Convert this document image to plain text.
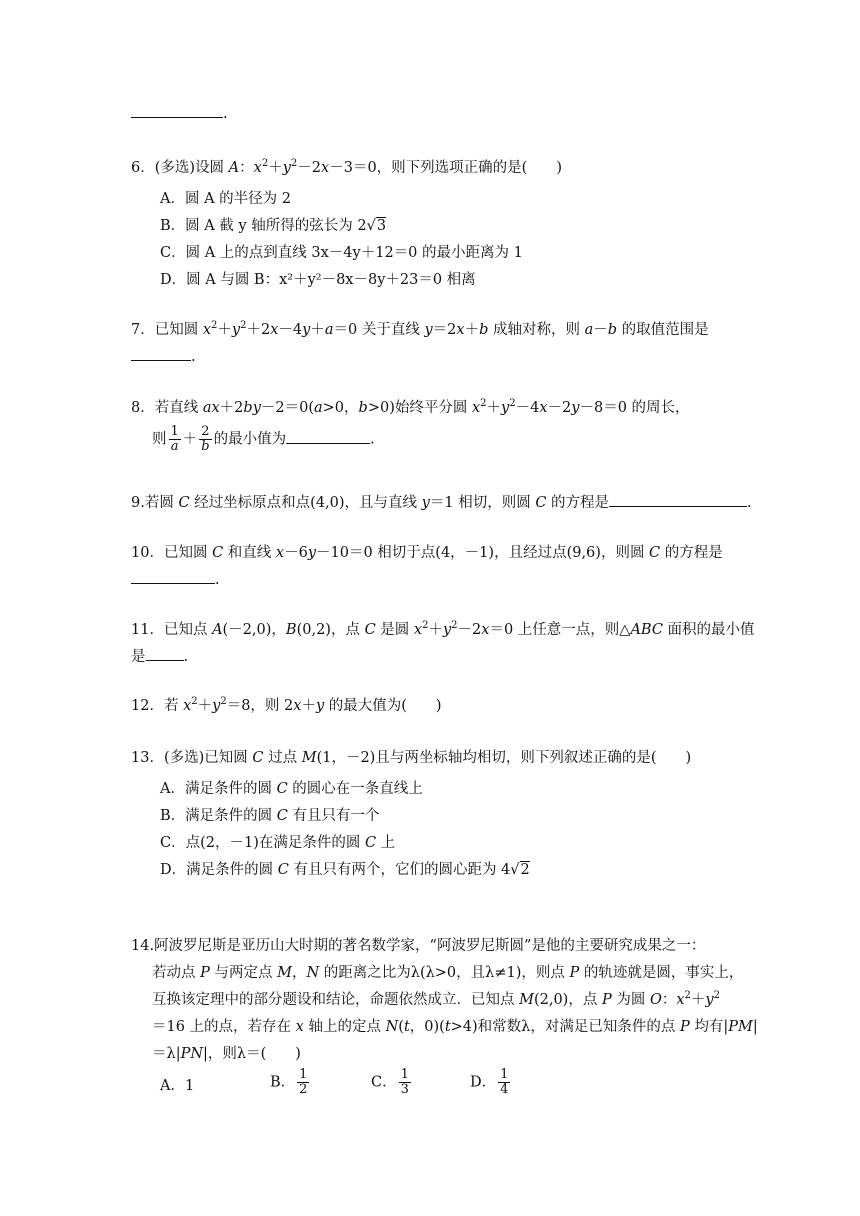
.
6．(多选)设圆 A：$x^2+y^2-2x-3=0$，则下列选项正确的是(　　)
A．圆 A 的半径为 2
B．圆 A 截 y 轴所得的弦长为 2√3
C．圆 A 上的点到直线 3x－4y＋12＝0 的最小距离为 1
D．圆 A 与圆 B：x²＋y²－8x－8y＋23＝0 相离
7．已知圆 $x^2+y^2+2x-4y+a=0$ 关于直线 y＝2x＋b 成轴对称，则 a－b 的取值范围是
.
8．若直线 ax＋2by－2＝0(a>0，b>0)始终平分圆 $x^2+y^2-4x-2y-8=0$ 的周长，
则 $\frac{1}{a} + \frac{2}{b}$ 的最小值为	.
9.若圆 C 经过坐标原点和点(4,0)，且与直线 y＝1 相切，则圆 C 的方程是	.
10．已知圆 C 和直线 x－6y－10＝0 相切于点(4，－1)，且经过点(9,6)，则圆 C 的方程是
.
11．已知点 A(－2,0)，B(0,2)，点 C 是圆 $x^2+y^2-2x=0$ 上任意一点，则△ABC 面积的最小值
是	.
12．若 $x^2+y^2=8$，则 2x＋y 的最大值为(　　)
13．(多选)已知圆 C 过点 M(1，－2)且与两坐标轴均相切，则下列叙述正确的是(　　)
A．满足条件的圆 C 的圆心在一条直线上
B．满足条件的圆 C 有且只有一个
C．点(2，－1)在满足条件的圆 C 上
D．满足条件的圆 C 有且只有两个，它们的圆心距为 4√2
14.阿波罗尼斯是亚历山大时期的著名数学家，“阿波罗尼斯圆”是他的主要研究成果之一：
若动点 P 与两定点 M，N 的距离之比为λ(λ>0，且λ≠1)，则点 P 的轨迹就是圆，事实上，
互换该定理中的部分题设和结论，命题依然成立．已知点 M(2,0)，点 P 为圆 O：$x^2+y^2$
＝16 上的点，若存在 x 轴上的定点 N(t，0)(t>4)和常数λ，对满足已知条件的点 P 均有|PM|
＝λ|PN|，则λ＝(　　)
A．1	B． $\frac{1}{2}$	C． $\frac{1}{3}$	D． $\frac{1}{4}$
